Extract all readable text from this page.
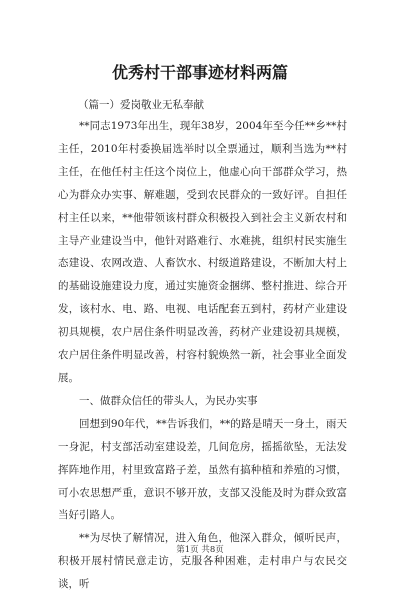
优秀村干部事迹材料两篇

（篇一）爱岗敬业无私奉献

**同志1973年出生，现年38岁，2004年至今任**乡**村主任，2010年村委换届选举时以全票通过，顺利当选为**村主任，在他任村主任这个岗位上，他虚心向干部群众学习，热心为群众办实事、解难题，受到农民群众的一致好评。自担任村主任以来，**他带领该村群众积极投入到社会主义新农村和主导产业建设当中，他针对路难行、水难挑，组织村民实施生态建设、农网改造、人畜饮水、村级道路建设，不断加大村上的基础设施建设力度，通过实施资金捆绑、整村推进、综合开发，该村水、电、路、电视、电话配套五到村，药材产业建设初具规模，农户居住条件明显改善，药材产业建设初具规模，农户居住条件明显改善，村容村貌焕然一新，社会事业全面发展。

一、做群众信任的带头人，为民办实事

回想到90年代，**告诉我们，**的路是晴天一身土，雨天一身泥，村支部活动室建设差，几间危房，摇摇欲坠，无法发挥阵地作用，村里致富路子差，虽然有搞种植和养殖的习惯，可小农思想严重，意识不够开放，支部又没能及时为群众致富当好引路人。

**为尽快了解情况，进入角色，他深入群众，倾听民声，积极开展村情民意走访，克服各种困难，走村串户与农民交谈，听

第1页 共8页
